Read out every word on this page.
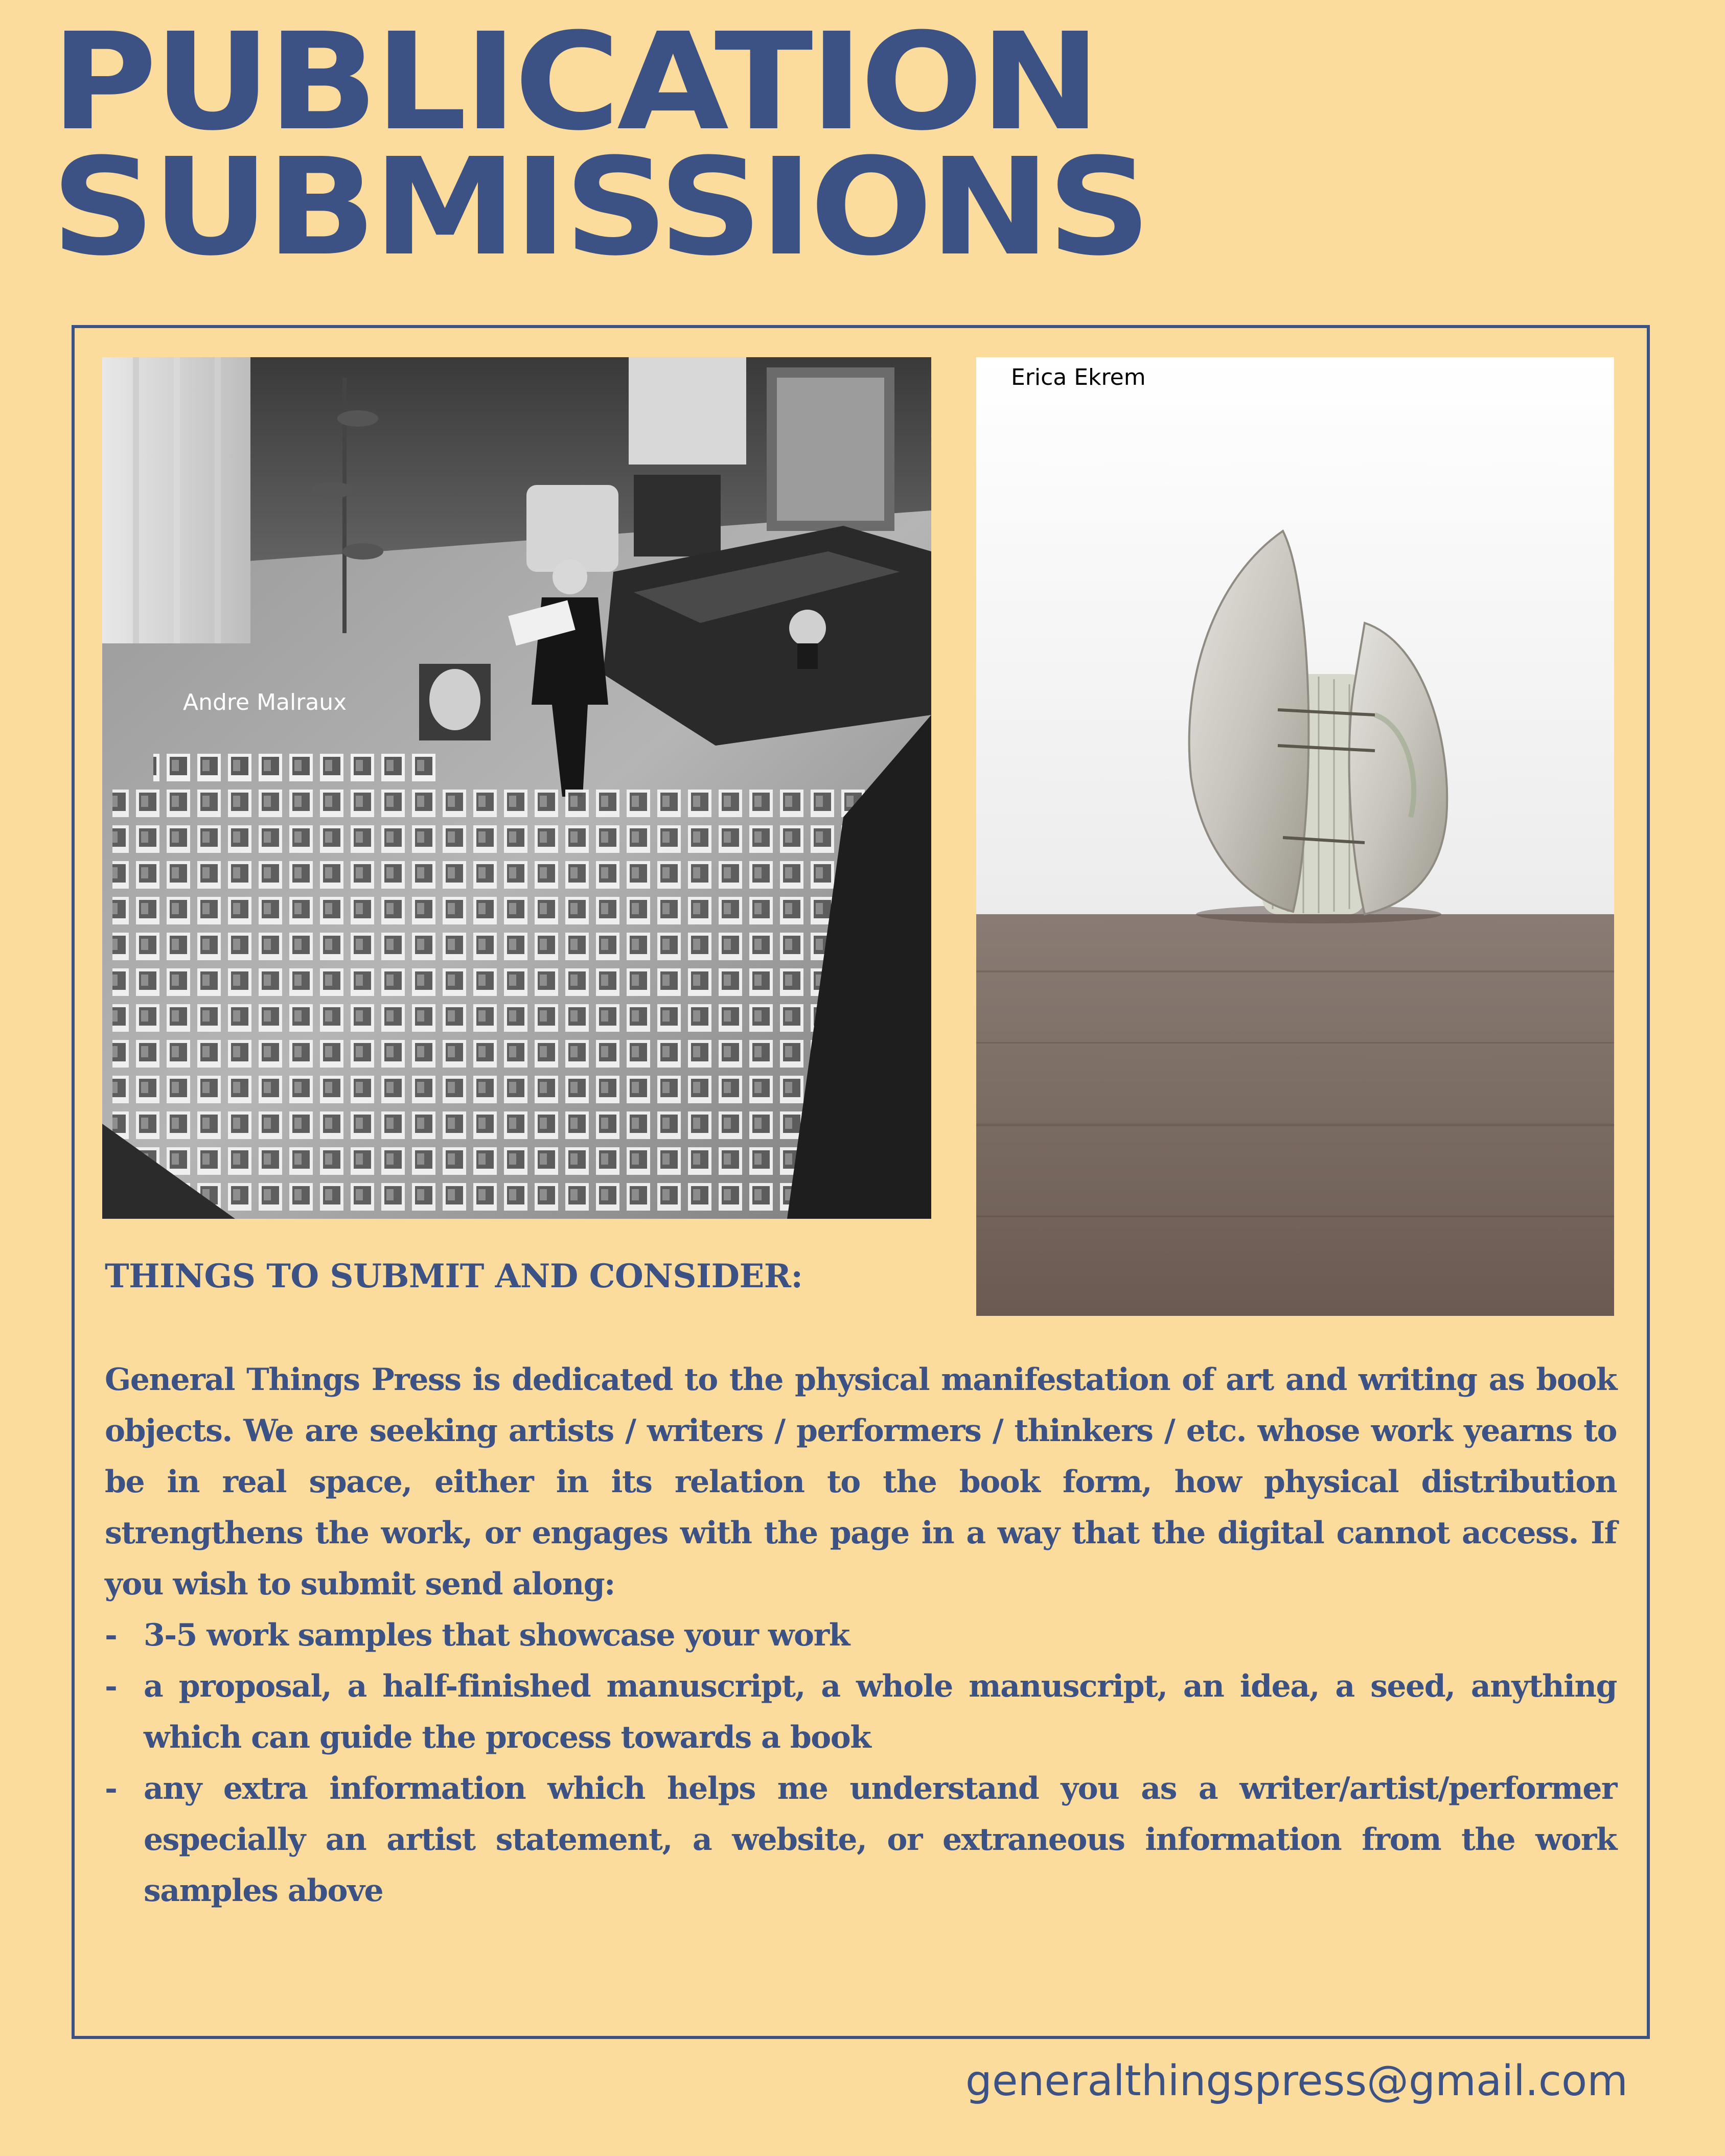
PUBLICATION
SUBMISSIONS
Andre Malraux
Erica Ekrem
THINGS TO SUBMIT AND CONSIDER:

General Things Press is dedicated to the physical manifestation of art and writing as book objects. We are seeking artists / writers / performers / thinkers / etc. whose work yearns to be in real space, either in its relation to the book form, how physical distribution strengthens the work, or engages with the page in a way that the digital cannot access. If you wish to submit send along:

- 3-5 work samples that showcase your work
- a proposal, a half-finished manuscript, a whole manuscript, an idea, a seed, anything which can guide the process towards a book
- any extra information which helps me understand you as a writer/artist/performer especially an artist statement, a website, or extraneous information from the work samples above
generalthingspress@gmail.com
